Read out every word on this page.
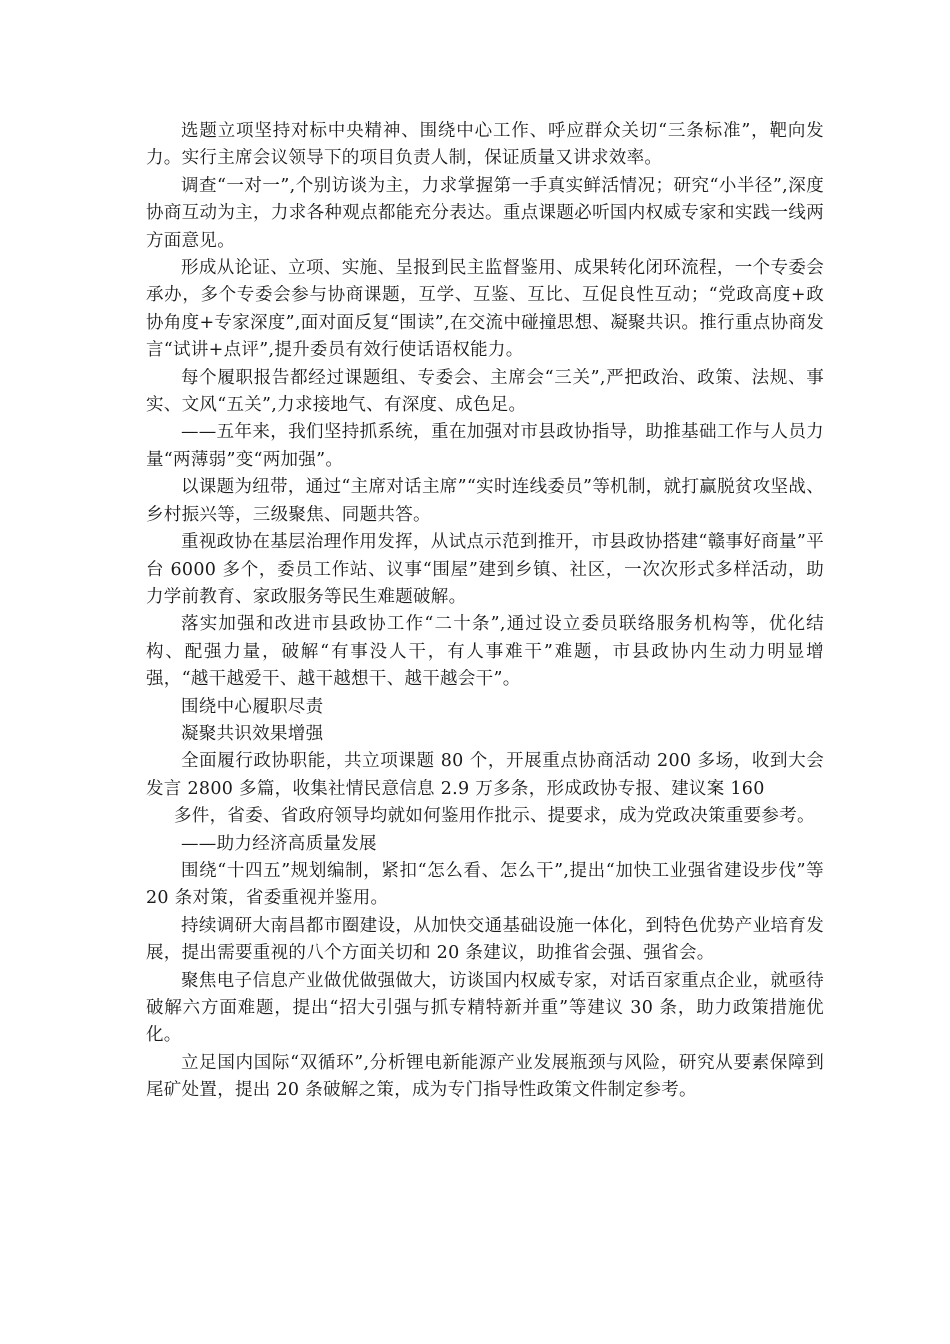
选题立项坚持对标中央精神、围绕中心工作、呼应群众关切“三条标准”，靶向发力。实行主席会议领导下的项目负责人制，保证质量又讲求效率。

调查“一对一”,个别访谈为主，力求掌握第一手真实鲜活情况；研究“小半径”,深度协商互动为主，力求各种观点都能充分表达。重点课题必听国内权威专家和实践一线两方面意见。

形成从论证、立项、实施、呈报到民主监督鉴用、成果转化闭环流程，一个专委会承办，多个专委会参与协商课题，互学、互鉴、互比、互促良性互动；“党政高度+政协角度+专家深度”,面对面反复“围读”,在交流中碰撞思想、凝聚共识。推行重点协商发言“试讲+点评”,提升委员有效行使话语权能力。

每个履职报告都经过课题组、专委会、主席会“三关”,严把政治、政策、法规、事实、文风“五关”,力求接地气、有深度、成色足。

——五年来，我们坚持抓系统，重在加强对市县政协指导，助推基础工作与人员力量“两薄弱”变“两加强”。

以课题为纽带，通过“主席对话主席”“实时连线委员”等机制，就打赢脱贫攻坚战、乡村振兴等，三级聚焦、同题共答。

重视政协在基层治理作用发挥，从试点示范到推开，市县政协搭建“赣事好商量”平台 6000 多个，委员工作站、议事“围屋”建到乡镇、社区，一次次形式多样活动，助力学前教育、家政服务等民生难题破解。

落实加强和改进市县政协工作“二十条”,通过设立委员联络服务机构等，优化结构、配强力量，破解“有事没人干，有人事难干”难题，市县政协内生动力明显增强，“越干越爱干、越干越想干、越干越会干”。

围绕中心履职尽责

凝聚共识效果增强

全面履行政协职能，共立项课题 80 个，开展重点协商活动 200 多场，收到大会发言 2800 多篇，收集社情民意信息 2.9 万多条，形成政协专报、建议案 160

多件，省委、省政府领导均就如何鉴用作批示、提要求，成为党政决策重要参考。

——助力经济高质量发展

围绕“十四五”规划编制，紧扣“怎么看、怎么干”,提出“加快工业强省建设步伐”等 20 条对策，省委重视并鉴用。

持续调研大南昌都市圈建设，从加快交通基础设施一体化，到特色优势产业培育发展，提出需要重视的八个方面关切和 20 条建议，助推省会强、强省会。

聚焦电子信息产业做优做强做大，访谈国内权威专家，对话百家重点企业，就亟待破解六方面难题，提出“招大引强与抓专精特新并重”等建议 30 条，助力政策措施优化。

立足国内国际“双循环”,分析锂电新能源产业发展瓶颈与风险，研究从要素保障到尾矿处置，提出 20 条破解之策，成为专门指导性政策文件制定参考。
